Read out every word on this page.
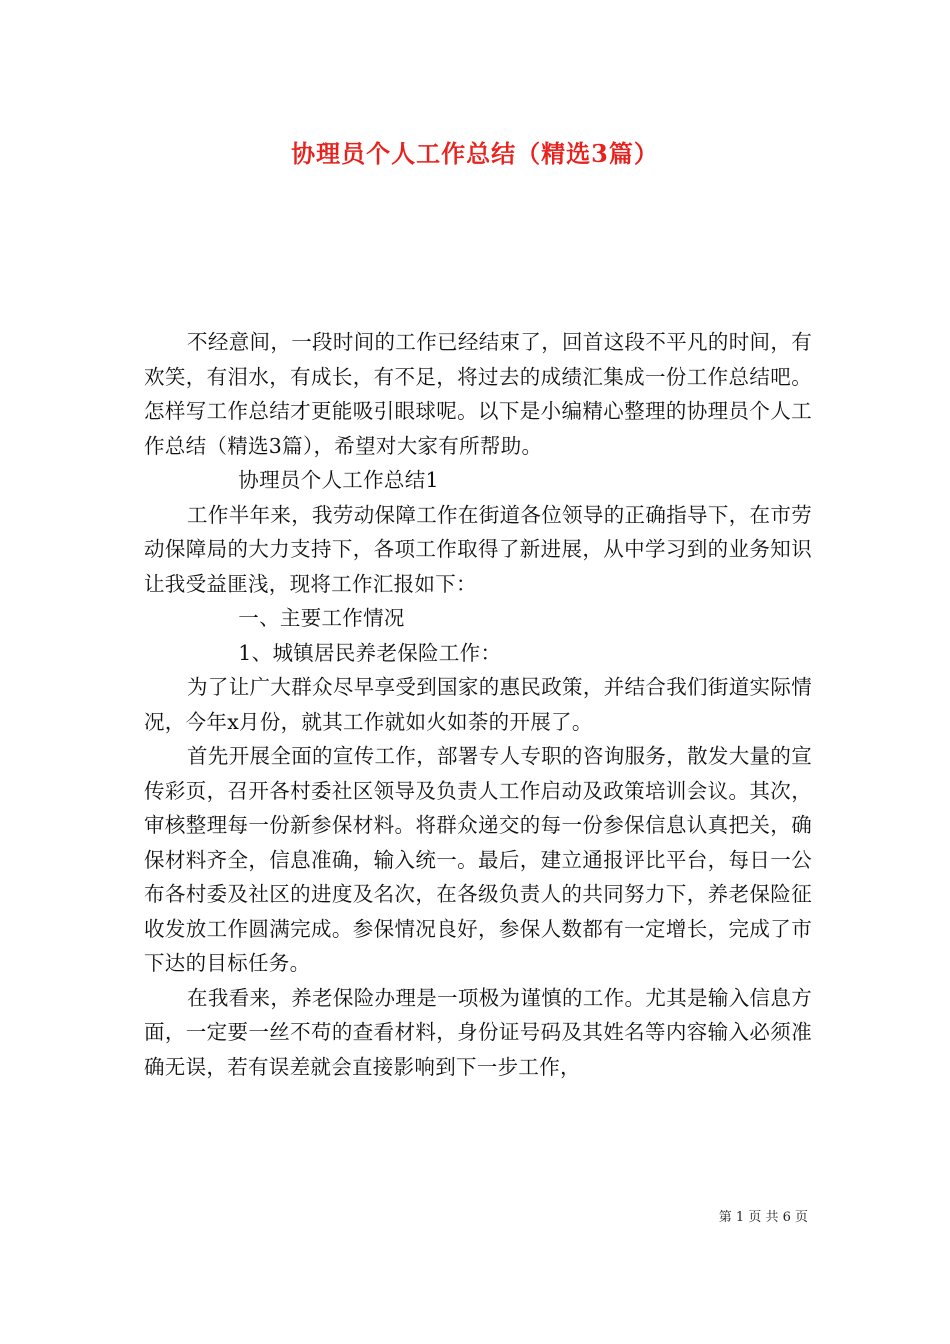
协理员个人工作总结（精选3篇）

不经意间，一段时间的工作已经结束了，回首这段不平凡的时间，有欢笑，有泪水，有成长，有不足，将过去的成绩汇集成一份工作总结吧。怎样写工作总结才更能吸引眼球呢。以下是小编精心整理的协理员个人工作总结（精选3篇），希望对大家有所帮助。

协理员个人工作总结1

工作半年来，我劳动保障工作在街道各位领导的正确指导下，在市劳动保障局的大力支持下，各项工作取得了新进展，从中学习到的业务知识让我受益匪浅，现将工作汇报如下：

一、主要工作情况

1、城镇居民养老保险工作：

为了让广大群众尽早享受到国家的惠民政策，并结合我们街道实际情况，今年x月份，就其工作就如火如荼的开展了。

首先开展全面的宣传工作，部署专人专职的咨询服务，散发大量的宣传彩页，召开各村委社区领导及负责人工作启动及政策培训会议。其次，审核整理每一份新参保材料。将群众递交的每一份参保信息认真把关，确保材料齐全，信息准确，输入统一。最后，建立通报评比平台，每日一公布各村委及社区的进度及名次，在各级负责人的共同努力下，养老保险征收发放工作圆满完成。参保情况良好，参保人数都有一定增长，完成了市下达的目标任务。

在我看来，养老保险办理是一项极为谨慎的工作。尤其是输入信息方面，一定要一丝不苟的查看材料，身份证号码及其姓名等内容输入必须准确无误，若有误差就会直接影响到下一步工作，

第 1 页 共 6 页
